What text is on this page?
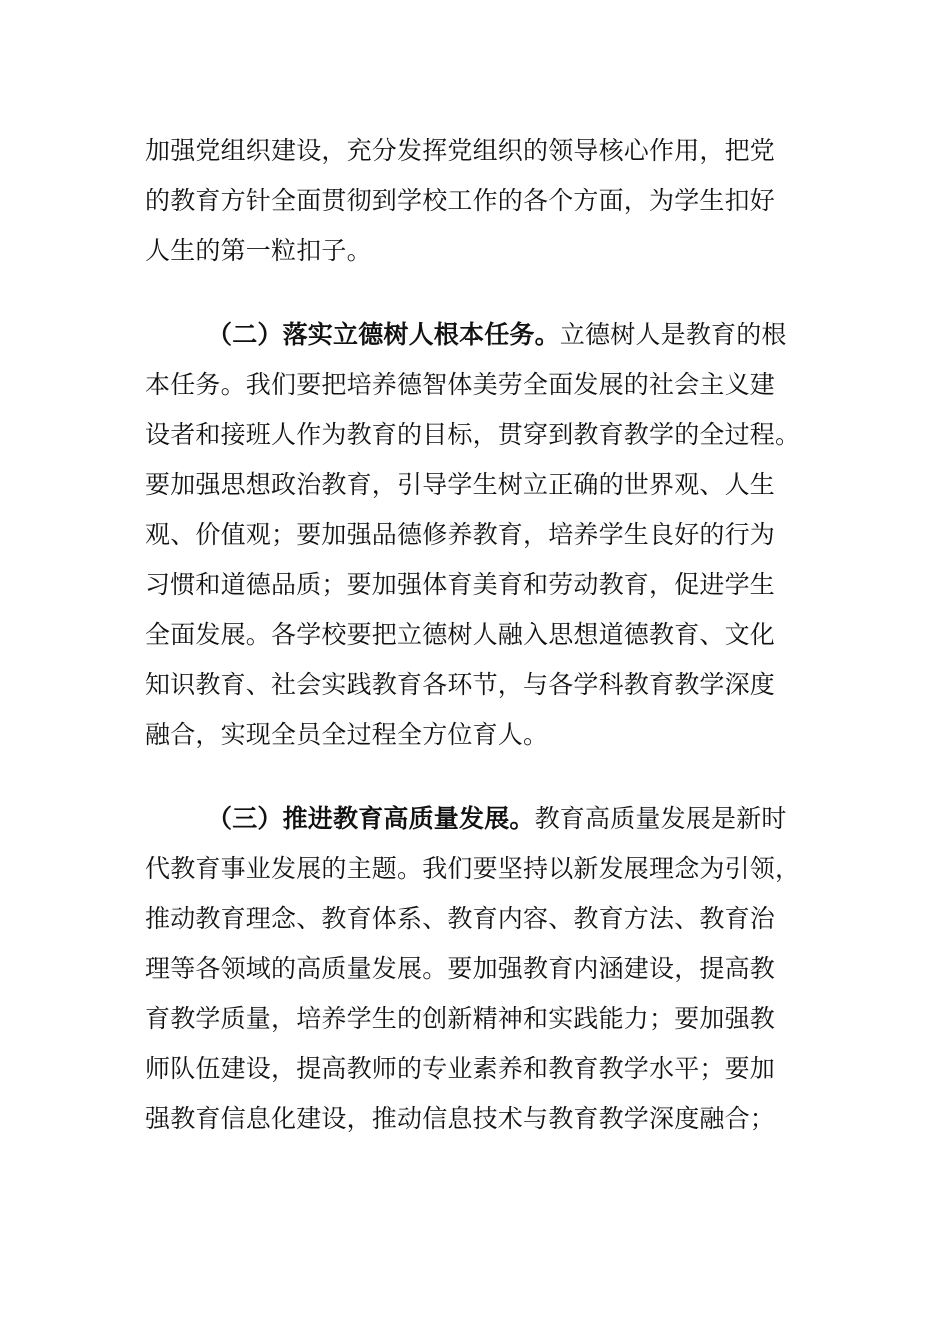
加强党组织建设，充分发挥党组织的领导核心作用，把党
的教育方针全面贯彻到学校工作的各个方面，为学生扣好
人生的第一粒扣子。
（二）落实立德树人根本任务。立德树人是教育的根
本任务。我们要把培养德智体美劳全面发展的社会主义建
设者和接班人作为教育的目标，贯穿到教育教学的全过程。
要加强思想政治教育，引导学生树立正确的世界观、人生
观、价值观；要加强品德修养教育，培养学生良好的行为
习惯和道德品质；要加强体育美育和劳动教育，促进学生
全面发展。各学校要把立德树人融入思想道德教育、文化
知识教育、社会实践教育各环节，与各学科教育教学深度
融合，实现全员全过程全方位育人。
（三）推进教育高质量发展。教育高质量发展是新时
代教育事业发展的主题。我们要坚持以新发展理念为引领，
推动教育理念、教育体系、教育内容、教育方法、教育治
理等各领域的高质量发展。要加强教育内涵建设，提高教
育教学质量，培养学生的创新精神和实践能力；要加强教
师队伍建设，提高教师的专业素养和教育教学水平；要加
强教育信息化建设，推动信息技术与教育教学深度融合；
